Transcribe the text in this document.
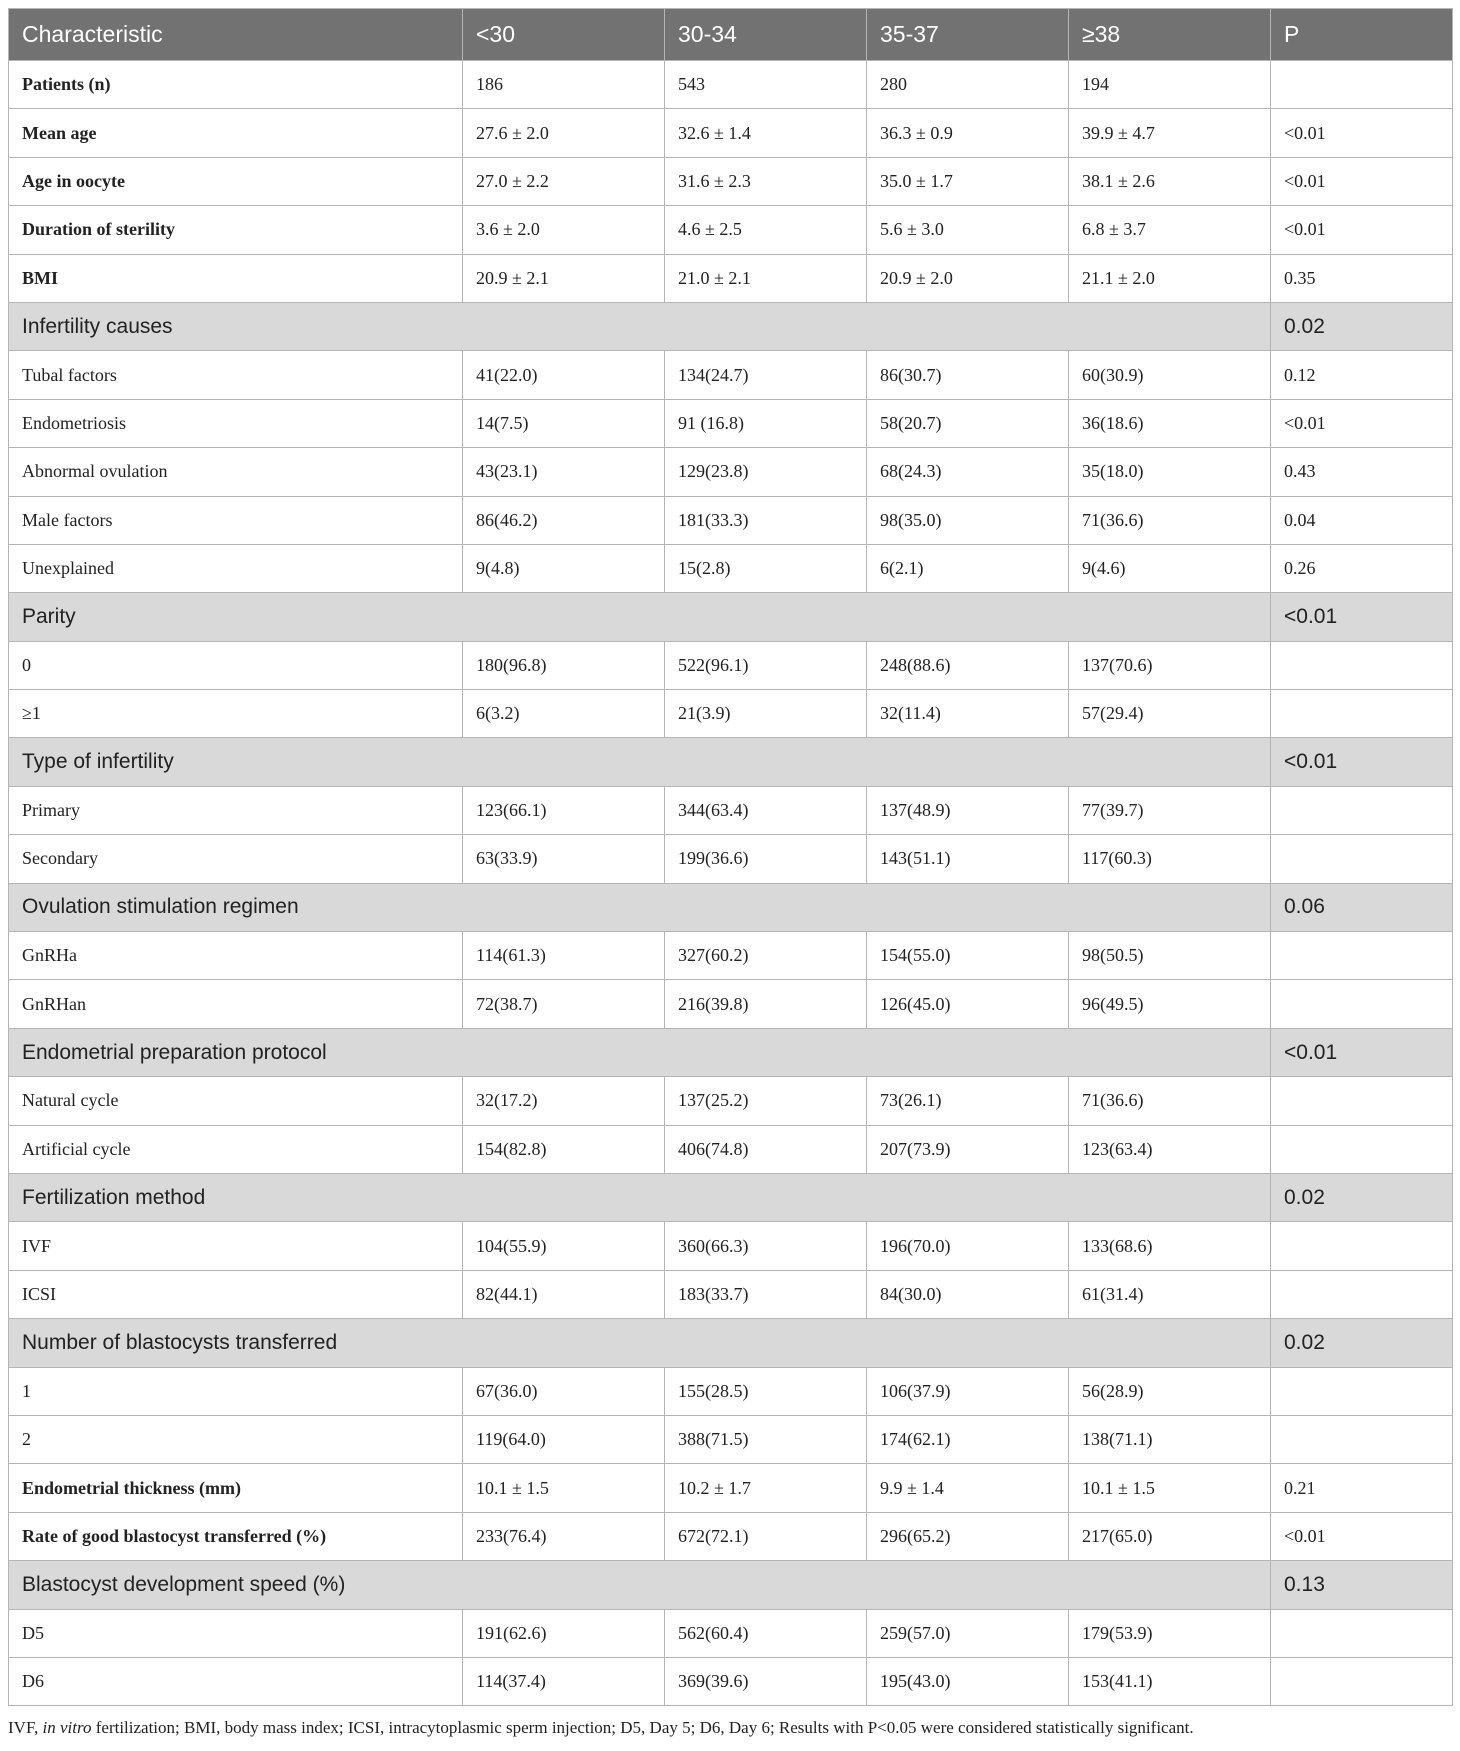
Characteristic	<30	30-34	35-37	≥38	P
Patients (n)	186	543	280	194	
Mean age	27.6 ± 2.0	32.6 ± 1.4	36.3 ± 0.9	39.9 ± 4.7	<0.01
Age in oocyte	27.0 ± 2.2	31.6 ± 2.3	35.0 ± 1.7	38.1 ± 2.6	<0.01
Duration of sterility	3.6 ± 2.0	4.6 ± 2.5	5.6 ± 3.0	6.8 ± 3.7	<0.01
BMI	20.9 ± 2.1	21.0 ± 2.1	20.9 ± 2.0	21.1 ± 2.0	0.35
Infertility causes					0.02
Tubal factors	41(22.0)	134(24.7)	86(30.7)	60(30.9)	0.12
Endometriosis	14(7.5)	91 (16.8)	58(20.7)	36(18.6)	<0.01
Abnormal ovulation	43(23.1)	129(23.8)	68(24.3)	35(18.0)	0.43
Male factors	86(46.2)	181(33.3)	98(35.0)	71(36.6)	0.04
Unexplained	9(4.8)	15(2.8)	6(2.1)	9(4.6)	0.26
Parity					<0.01
0	180(96.8)	522(96.1)	248(88.6)	137(70.6)	
≥1	6(3.2)	21(3.9)	32(11.4)	57(29.4)	
Type of infertility					<0.01
Primary	123(66.1)	344(63.4)	137(48.9)	77(39.7)	
Secondary	63(33.9)	199(36.6)	143(51.1)	117(60.3)	
Ovulation stimulation regimen					0.06
GnRHa	114(61.3)	327(60.2)	154(55.0)	98(50.5)	
GnRHan	72(38.7)	216(39.8)	126(45.0)	96(49.5)	
Endometrial preparation protocol					<0.01
Natural cycle	32(17.2)	137(25.2)	73(26.1)	71(36.6)	
Artificial cycle	154(82.8)	406(74.8)	207(73.9)	123(63.4)	
Fertilization method					0.02
IVF	104(55.9)	360(66.3)	196(70.0)	133(68.6)	
ICSI	82(44.1)	183(33.7)	84(30.0)	61(31.4)	
Number of blastocysts transferred					0.02
1	67(36.0)	155(28.5)	106(37.9)	56(28.9)	
2	119(64.0)	388(71.5)	174(62.1)	138(71.1)	
Endometrial thickness (mm)	10.1 ± 1.5	10.2 ± 1.7	9.9 ± 1.4	10.1 ± 1.5	0.21
Rate of good blastocyst transferred (%)	233(76.4)	672(72.1)	296(65.2)	217(65.0)	<0.01
Blastocyst development speed (%)					0.13
D5	191(62.6)	562(60.4)	259(57.0)	179(53.9)	
D6	114(37.4)	369(39.6)	195(43.0)	153(41.1)	
IVF, in vitro fertilization; BMI, body mass index; ICSI, intracytoplasmic sperm injection; D5, Day 5; D6, Day 6; Results with P<0.05 were considered statistically significant.
